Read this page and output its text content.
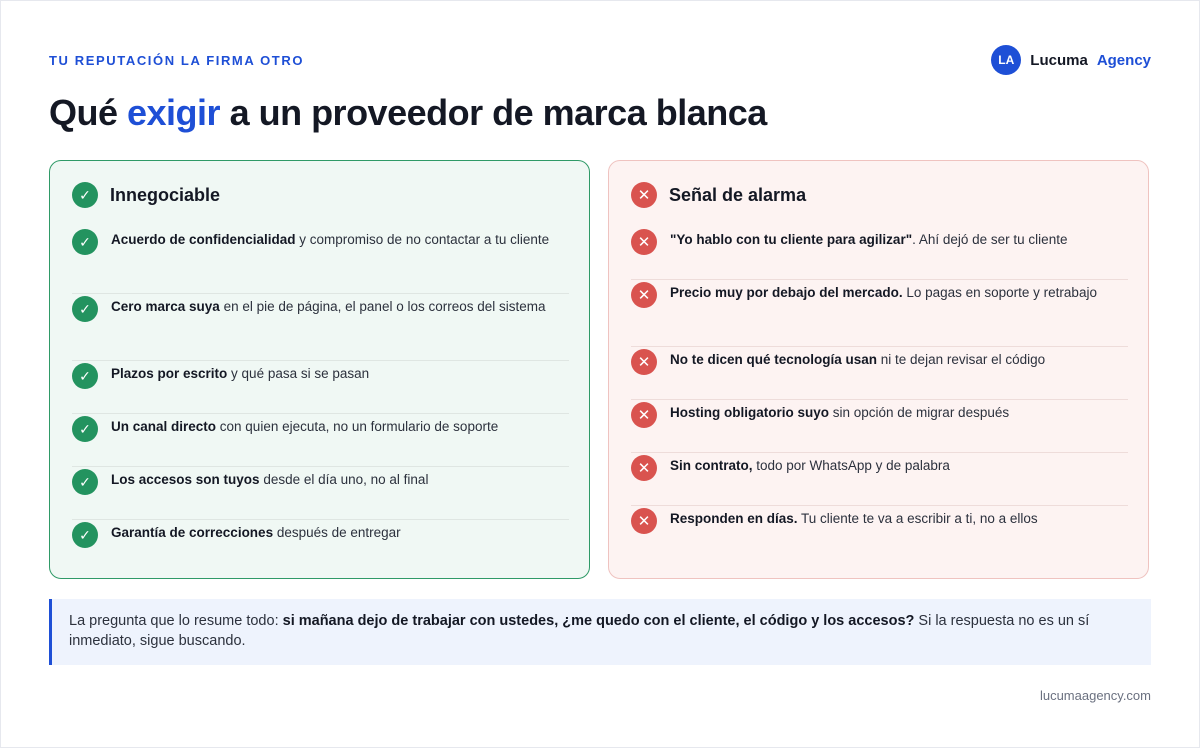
TU REPUTACIÓN LA FIRMA OTRO	LA	Lucuma Agency
Qué exigir a un proveedor de marca blanca
✓	Innegociable
✓	Acuerdo de confidencialidad y compromiso de no contactar a tu cliente
✓	Cero marca suya en el pie de página, el panel o los correos del sistema
✓	Plazos por escrito y qué pasa si se pasan
✓	Un canal directo con quien ejecuta, no un formulario de soporte
✓	Los accesos son tuyos desde el día uno, no al final
✓	Garantía de correcciones después de entregar
✕	Señal de alarma
✕	"Yo hablo con tu cliente para agilizar". Ahí dejó de ser tu cliente
✕	Precio muy por debajo del mercado. Lo pagas en soporte y retrabajo
✕	No te dicen qué tecnología usan ni te dejan revisar el código
✕	Hosting obligatorio suyo sin opción de migrar después
✕	Sin contrato, todo por WhatsApp y de palabra
✕	Responden en días. Tu cliente te va a escribir a ti, no a ellos
La pregunta que lo resume todo: si mañana dejo de trabajar con ustedes, ¿me quedo con el cliente, el código y los accesos? Si la respuesta no es un sí inmediato, sigue buscando.
lucumaagency.com
